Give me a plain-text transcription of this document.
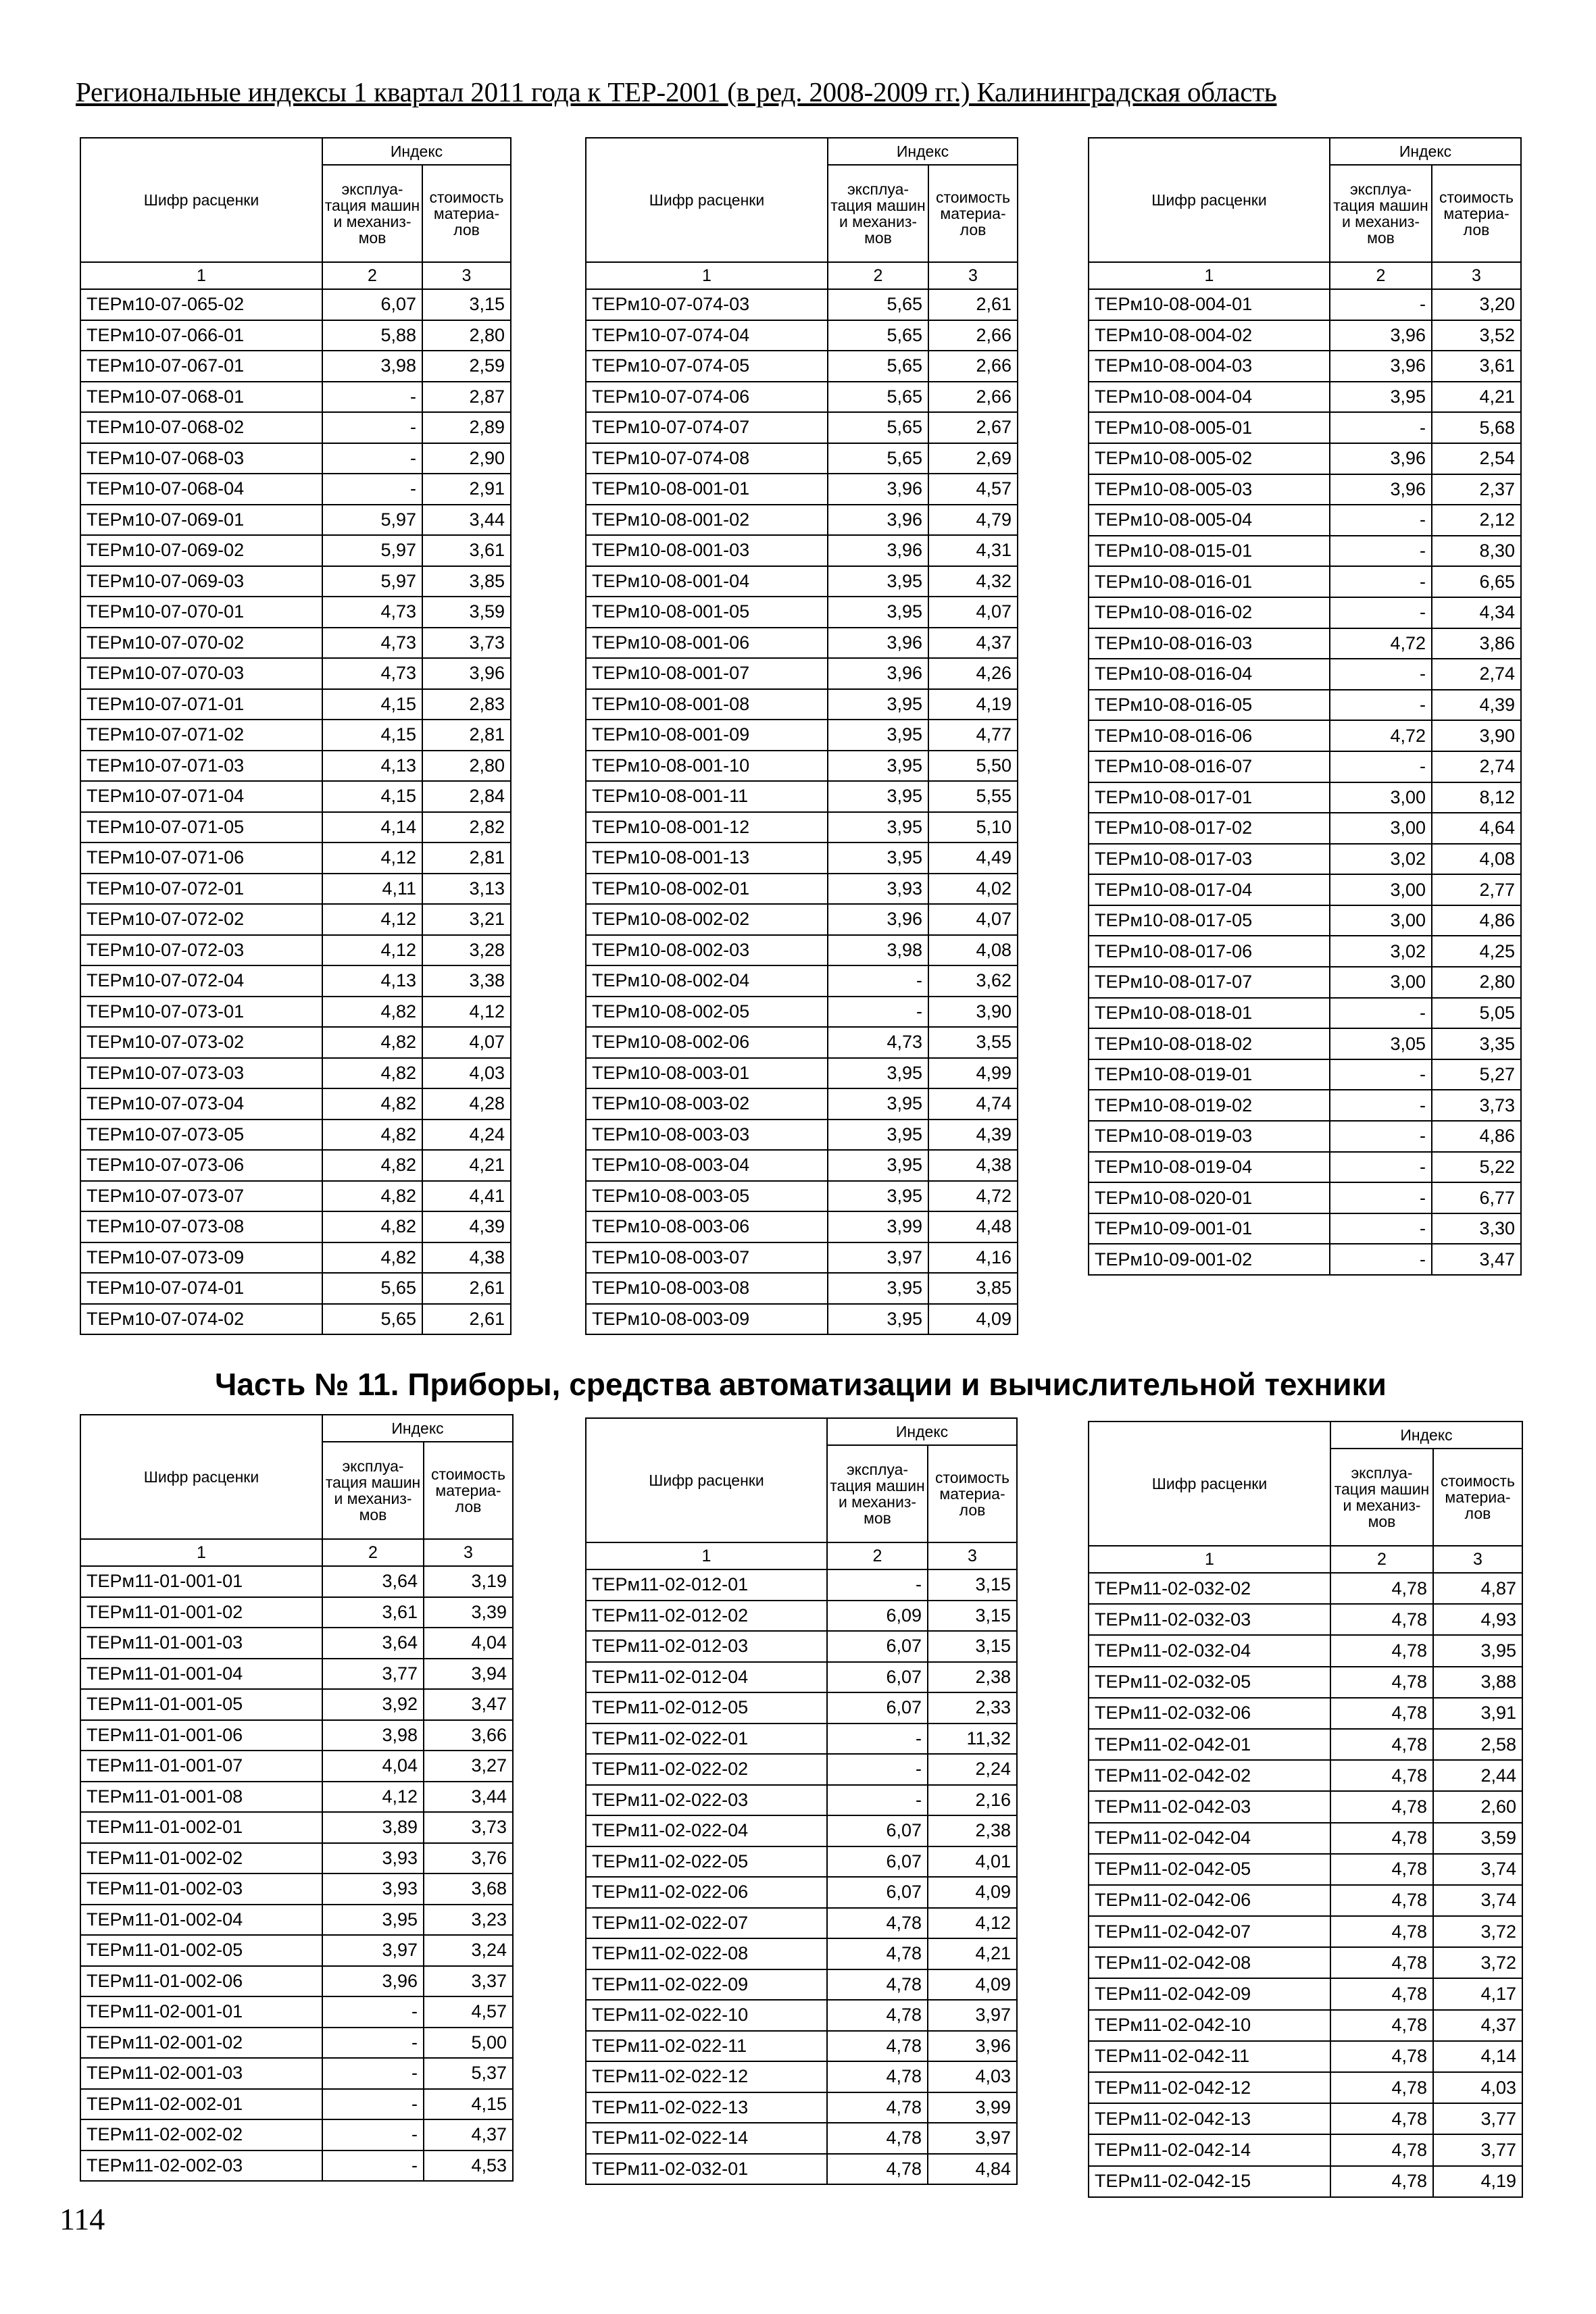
Региональные индексы 1 квартал 2011 года к ТЕР-2001 (в ред. 2008-2009 гг.) Калининградская область
Часть № 11. Приборы, средства автоматизации и вычислительной техники
114
Шифр расценки	Индекс	
	эксплуа-тация машин и механиз-мов	стоимость материа-лов
1	2	3
ТЕРм10-07-065-02	6,07	3,15
ТЕРм10-07-066-01	5,88	2,80
ТЕРм10-07-067-01	3,98	2,59
ТЕРм10-07-068-01	-	2,87
ТЕРм10-07-068-02	-	2,89
ТЕРм10-07-068-03	-	2,90
ТЕРм10-07-068-04	-	2,91
ТЕРм10-07-069-01	5,97	3,44
ТЕРм10-07-069-02	5,97	3,61
ТЕРм10-07-069-03	5,97	3,85
ТЕРм10-07-070-01	4,73	3,59
ТЕРм10-07-070-02	4,73	3,73
ТЕРм10-07-070-03	4,73	3,96
ТЕРм10-07-071-01	4,15	2,83
ТЕРм10-07-071-02	4,15	2,81
ТЕРм10-07-071-03	4,13	2,80
ТЕРм10-07-071-04	4,15	2,84
ТЕРм10-07-071-05	4,14	2,82
ТЕРм10-07-071-06	4,12	2,81
ТЕРм10-07-072-01	4,11	3,13
ТЕРм10-07-072-02	4,12	3,21
ТЕРм10-07-072-03	4,12	3,28
ТЕРм10-07-072-04	4,13	3,38
ТЕРм10-07-073-01	4,82	4,12
ТЕРм10-07-073-02	4,82	4,07
ТЕРм10-07-073-03	4,82	4,03
ТЕРм10-07-073-04	4,82	4,28
ТЕРм10-07-073-05	4,82	4,24
ТЕРм10-07-073-06	4,82	4,21
ТЕРм10-07-073-07	4,82	4,41
ТЕРм10-07-073-08	4,82	4,39
ТЕРм10-07-073-09	4,82	4,38
ТЕРм10-07-074-01	5,65	2,61
ТЕРм10-07-074-02	5,65	2,61
Шифр расценки	Индекс	
	эксплуа-тация машин и механиз-мов	стоимость материа-лов
1	2	3
ТЕРм10-07-074-03	5,65	2,61
ТЕРм10-07-074-04	5,65	2,66
ТЕРм10-07-074-05	5,65	2,66
ТЕРм10-07-074-06	5,65	2,66
ТЕРм10-07-074-07	5,65	2,67
ТЕРм10-07-074-08	5,65	2,69
ТЕРм10-08-001-01	3,96	4,57
ТЕРм10-08-001-02	3,96	4,79
ТЕРм10-08-001-03	3,96	4,31
ТЕРм10-08-001-04	3,95	4,32
ТЕРм10-08-001-05	3,95	4,07
ТЕРм10-08-001-06	3,96	4,37
ТЕРм10-08-001-07	3,96	4,26
ТЕРм10-08-001-08	3,95	4,19
ТЕРм10-08-001-09	3,95	4,77
ТЕРм10-08-001-10	3,95	5,50
ТЕРм10-08-001-11	3,95	5,55
ТЕРм10-08-001-12	3,95	5,10
ТЕРм10-08-001-13	3,95	4,49
ТЕРм10-08-002-01	3,93	4,02
ТЕРм10-08-002-02	3,96	4,07
ТЕРм10-08-002-03	3,98	4,08
ТЕРм10-08-002-04	-	3,62
ТЕРм10-08-002-05	-	3,90
ТЕРм10-08-002-06	4,73	3,55
ТЕРм10-08-003-01	3,95	4,99
ТЕРм10-08-003-02	3,95	4,74
ТЕРм10-08-003-03	3,95	4,39
ТЕРм10-08-003-04	3,95	4,38
ТЕРм10-08-003-05	3,95	4,72
ТЕРм10-08-003-06	3,99	4,48
ТЕРм10-08-003-07	3,97	4,16
ТЕРм10-08-003-08	3,95	3,85
ТЕРм10-08-003-09	3,95	4,09
Шифр расценки	Индекс	
	эксплуа-тация машин и механиз-мов	стоимость материа-лов
1	2	3
ТЕРм10-08-004-01	-	3,20
ТЕРм10-08-004-02	3,96	3,52
ТЕРм10-08-004-03	3,96	3,61
ТЕРм10-08-004-04	3,95	4,21
ТЕРм10-08-005-01	-	5,68
ТЕРм10-08-005-02	3,96	2,54
ТЕРм10-08-005-03	3,96	2,37
ТЕРм10-08-005-04	-	2,12
ТЕРм10-08-015-01	-	8,30
ТЕРм10-08-016-01	-	6,65
ТЕРм10-08-016-02	-	4,34
ТЕРм10-08-016-03	4,72	3,86
ТЕРм10-08-016-04	-	2,74
ТЕРм10-08-016-05	-	4,39
ТЕРм10-08-016-06	4,72	3,90
ТЕРм10-08-016-07	-	2,74
ТЕРм10-08-017-01	3,00	8,12
ТЕРм10-08-017-02	3,00	4,64
ТЕРм10-08-017-03	3,02	4,08
ТЕРм10-08-017-04	3,00	2,77
ТЕРм10-08-017-05	3,00	4,86
ТЕРм10-08-017-06	3,02	4,25
ТЕРм10-08-017-07	3,00	2,80
ТЕРм10-08-018-01	-	5,05
ТЕРм10-08-018-02	3,05	3,35
ТЕРм10-08-019-01	-	5,27
ТЕРм10-08-019-02	-	3,73
ТЕРм10-08-019-03	-	4,86
ТЕРм10-08-019-04	-	5,22
ТЕРм10-08-020-01	-	6,77
ТЕРм10-09-001-01	-	3,30
ТЕРм10-09-001-02	-	3,47
Шифр расценки	Индекс	
	эксплуа-тация машин и механиз-мов	стоимость материа-лов
1	2	3
ТЕРм11-01-001-01	3,64	3,19
ТЕРм11-01-001-02	3,61	3,39
ТЕРм11-01-001-03	3,64	4,04
ТЕРм11-01-001-04	3,77	3,94
ТЕРм11-01-001-05	3,92	3,47
ТЕРм11-01-001-06	3,98	3,66
ТЕРм11-01-001-07	4,04	3,27
ТЕРм11-01-001-08	4,12	3,44
ТЕРм11-01-002-01	3,89	3,73
ТЕРм11-01-002-02	3,93	3,76
ТЕРм11-01-002-03	3,93	3,68
ТЕРм11-01-002-04	3,95	3,23
ТЕРм11-01-002-05	3,97	3,24
ТЕРм11-01-002-06	3,96	3,37
ТЕРм11-02-001-01	-	4,57
ТЕРм11-02-001-02	-	5,00
ТЕРм11-02-001-03	-	5,37
ТЕРм11-02-002-01	-	4,15
ТЕРм11-02-002-02	-	4,37
ТЕРм11-02-002-03	-	4,53
Шифр расценки	Индекс	
	эксплуа-тация машин и механиз-мов	стоимость материа-лов
1	2	3
ТЕРм11-02-012-01	-	3,15
ТЕРм11-02-012-02	6,09	3,15
ТЕРм11-02-012-03	6,07	3,15
ТЕРм11-02-012-04	6,07	2,38
ТЕРм11-02-012-05	6,07	2,33
ТЕРм11-02-022-01	-	11,32
ТЕРм11-02-022-02	-	2,24
ТЕРм11-02-022-03	-	2,16
ТЕРм11-02-022-04	6,07	2,38
ТЕРм11-02-022-05	6,07	4,01
ТЕРм11-02-022-06	6,07	4,09
ТЕРм11-02-022-07	4,78	4,12
ТЕРм11-02-022-08	4,78	4,21
ТЕРм11-02-022-09	4,78	4,09
ТЕРм11-02-022-10	4,78	3,97
ТЕРм11-02-022-11	4,78	3,96
ТЕРм11-02-022-12	4,78	4,03
ТЕРм11-02-022-13	4,78	3,99
ТЕРм11-02-022-14	4,78	3,97
ТЕРм11-02-032-01	4,78	4,84
Шифр расценки	Индекс	
	эксплуа-тация машин и механиз-мов	стоимость материа-лов
1	2	3
ТЕРм11-02-032-02	4,78	4,87
ТЕРм11-02-032-03	4,78	4,93
ТЕРм11-02-032-04	4,78	3,95
ТЕРм11-02-032-05	4,78	3,88
ТЕРм11-02-032-06	4,78	3,91
ТЕРм11-02-042-01	4,78	2,58
ТЕРм11-02-042-02	4,78	2,44
ТЕРм11-02-042-03	4,78	2,60
ТЕРм11-02-042-04	4,78	3,59
ТЕРм11-02-042-05	4,78	3,74
ТЕРм11-02-042-06	4,78	3,74
ТЕРм11-02-042-07	4,78	3,72
ТЕРм11-02-042-08	4,78	3,72
ТЕРм11-02-042-09	4,78	4,17
ТЕРм11-02-042-10	4,78	4,37
ТЕРм11-02-042-11	4,78	4,14
ТЕРм11-02-042-12	4,78	4,03
ТЕРм11-02-042-13	4,78	3,77
ТЕРм11-02-042-14	4,78	3,77
ТЕРм11-02-042-15	4,78	4,19
